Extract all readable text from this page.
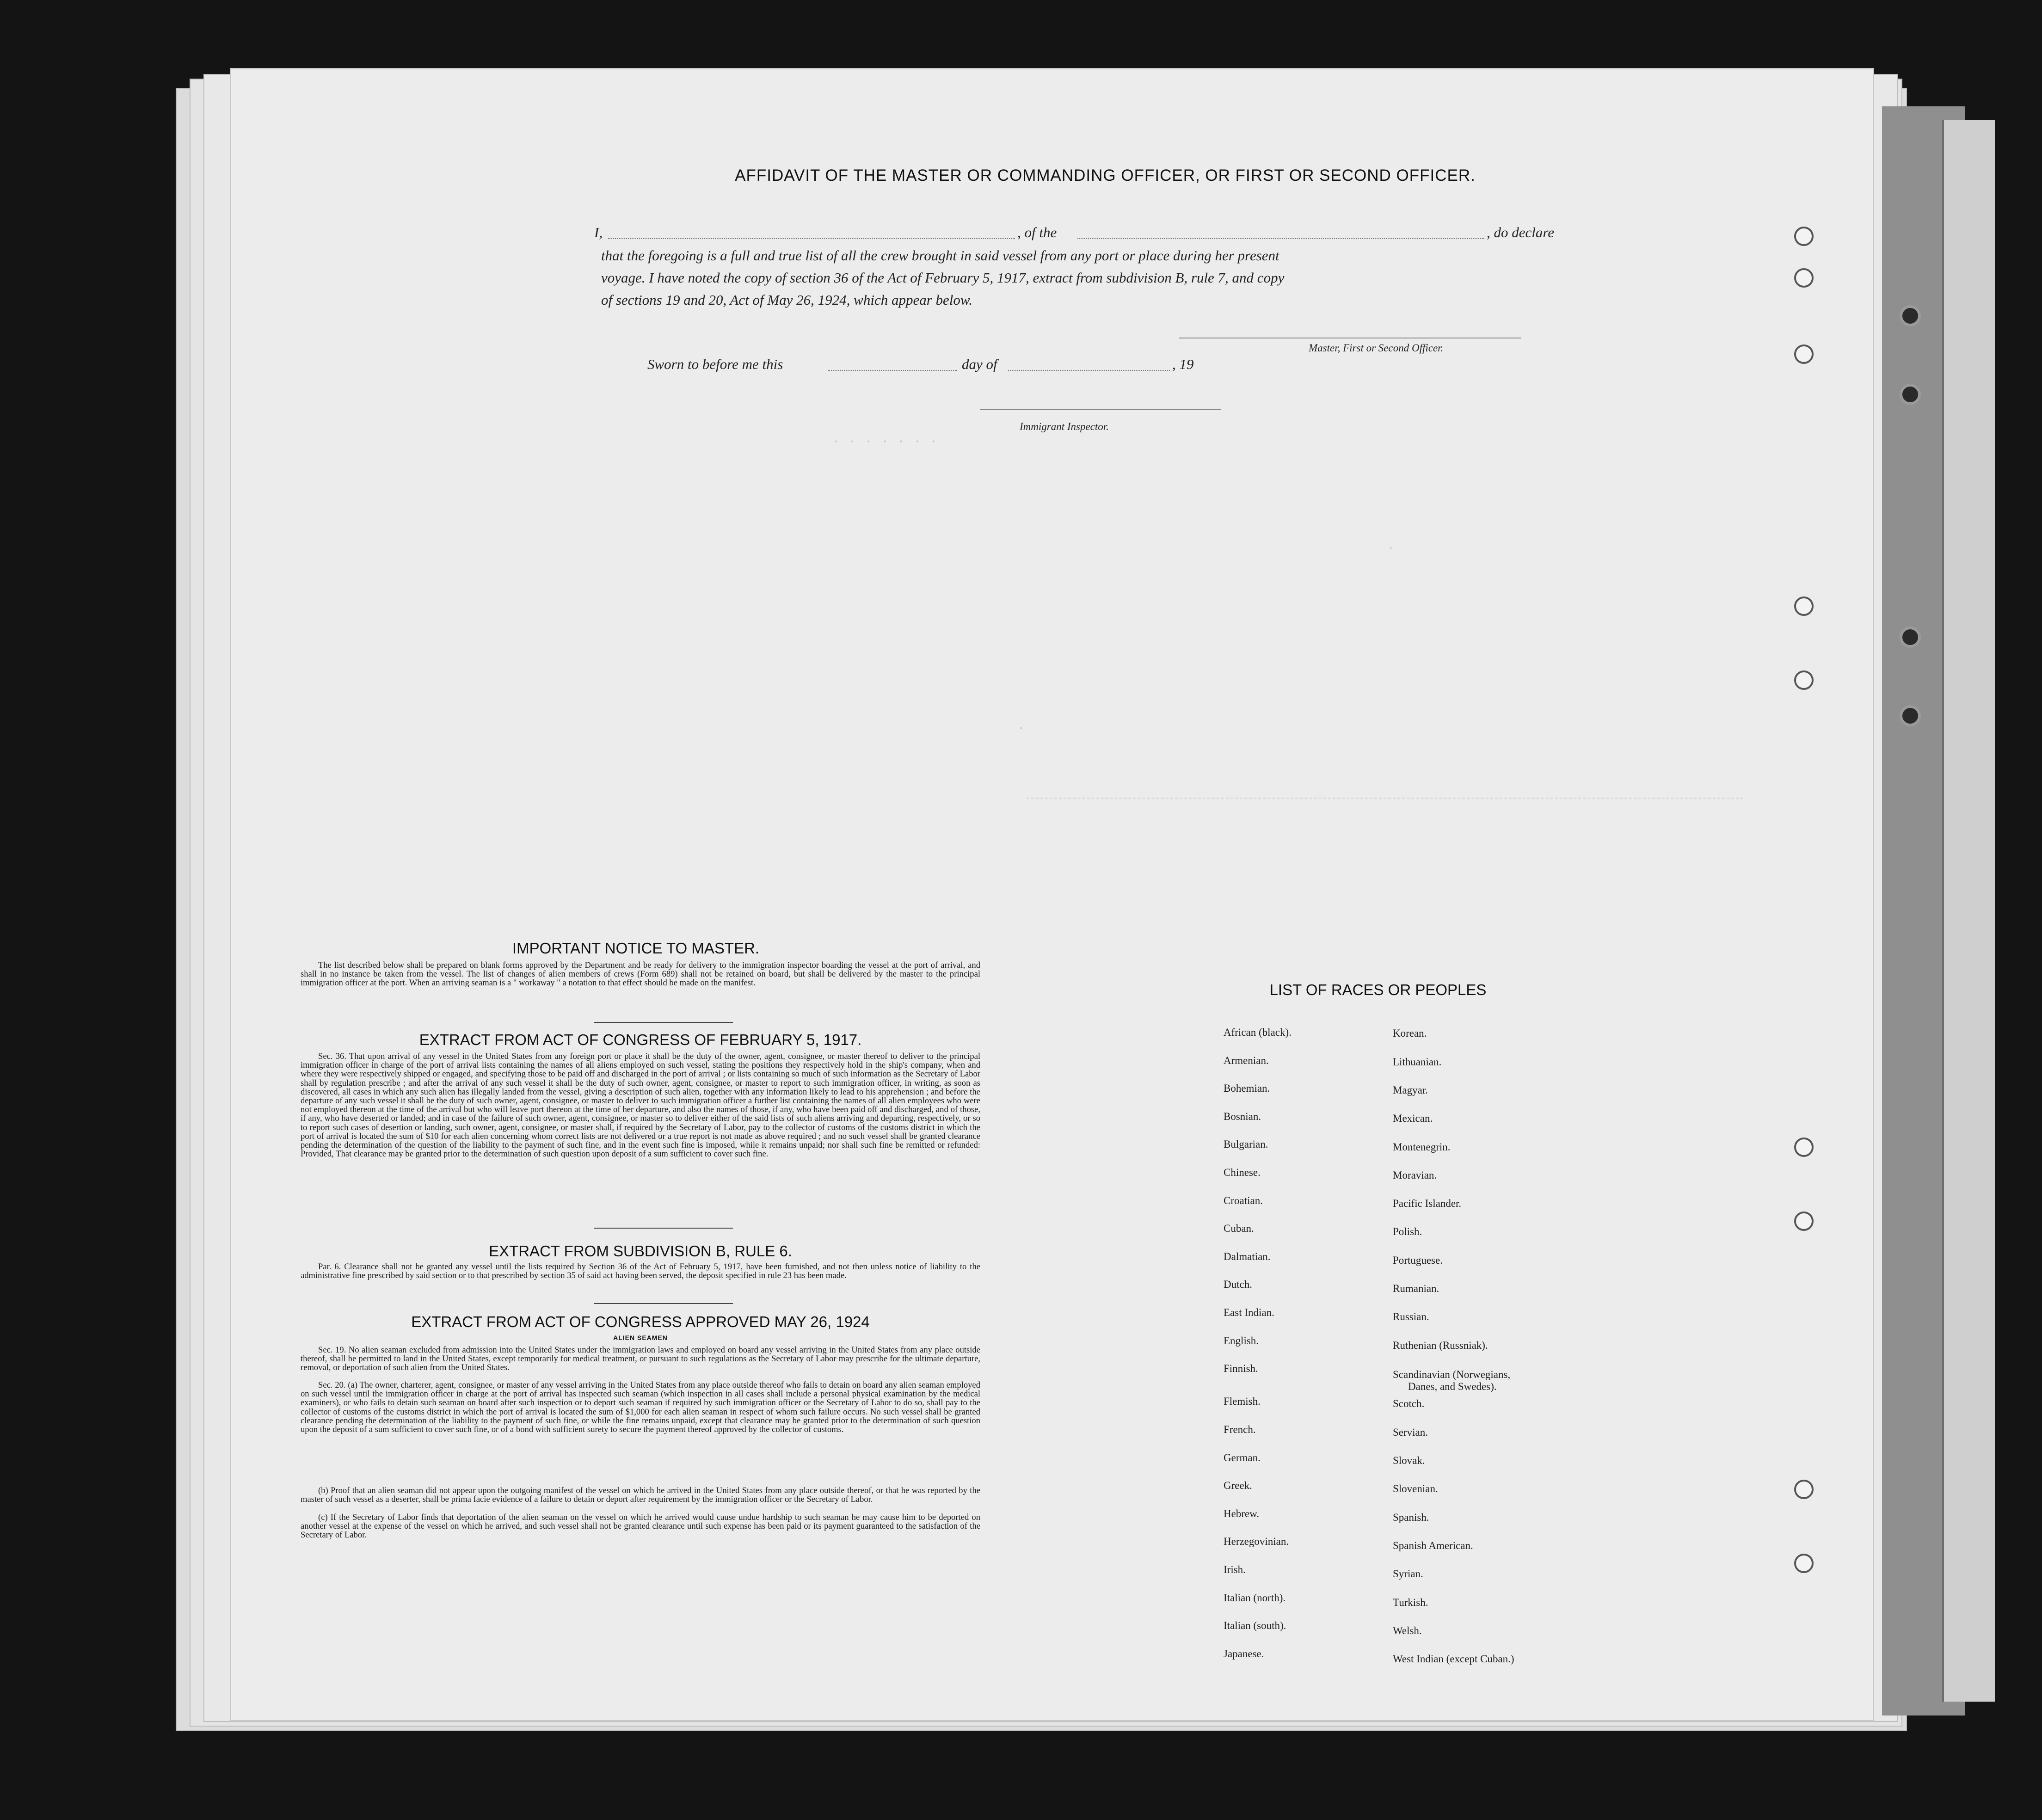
AFFIDAVIT OF THE MASTER OR COMMANDING OFFICER, OR FIRST OR SECOND OFFICER.
I,	, of the	, do declare
that the foregoing is a full and true list of all the crew brought in said vessel from any port or place during her present
voyage. I have noted the copy of section 36 of the Act of February 5, 1917, extract from subdivision B, rule 7, and copy
of sections 19 and 20, Act of May 26, 1924, which appear below.
Master, First or Second Officer.
Sworn to before me this	day of	, 19
Immigrant Inspector.
· · · · · · ·
·
·
IMPORTANT NOTICE TO MASTER.
The list described below shall be prepared on blank forms approved by the Department and be ready for delivery to the immigration inspector boarding the vessel at the port of arrival, and shall in no instance be taken from the vessel. The list of changes of alien members of crews (Form 689) shall not be retained on board, but shall be delivered by the master to the principal immigration officer at the port. When an arriving seaman is a " workaway " a notation to that effect should be made on the manifest.
EXTRACT FROM ACT OF CONGRESS OF FEBRUARY 5, 1917.
Sec. 36. That upon arrival of any vessel in the United States from any foreign port or place it shall be the duty of the owner, agent, consignee, or master thereof to deliver to the principal immigration officer in charge of the port of arrival lists containing the names of all aliens employed on such vessel, stating the positions they respectively hold in the ship's company, when and where they were respectively shipped or engaged, and specifying those to be paid off and discharged in the port of arrival ; or lists containing so much of such information as the Secretary of Labor shall by regulation prescribe ; and after the arrival of any such vessel it shall be the duty of such owner, agent, consignee, or master to report to such immigration officer, in writing, as soon as discovered, all cases in which any such alien has illegally landed from the vessel, giving a description of such alien, together with any information likely to lead to his apprehension ; and before the departure of any such vessel it shall be the duty of such owner, agent, consignee, or master to deliver to such immigration officer a further list containing the names of all alien employees who were not employed thereon at the time of the arrival but who will leave port thereon at the time of her departure, and also the names of those, if any, who have been paid off and discharged, and of those, if any, who have deserted or landed; and in case of the failure of such owner, agent, consignee, or master so to deliver either of the said lists of such aliens arriving and departing, respectively, or so to report such cases of desertion or landing, such owner, agent, consignee, or master shall, if required by the Secretary of Labor, pay to the collector of customs of the customs district in which the port of arrival is located the sum of $10 for each alien concerning whom correct lists are not delivered or a true report is not made as above required ; and no such vessel shall be granted clearance pending the determination of the question of the liability to the payment of such fine, and in the event such fine is imposed, while it remains unpaid; nor shall such fine be remitted or refunded: Provided, That clearance may be granted prior to the determination of such question upon deposit of a sum sufficient to cover such fine.
EXTRACT FROM SUBDIVISION B, RULE 6.
Par. 6. Clearance shall not be granted any vessel until the lists required by Section 36 of the Act of February 5, 1917, have been furnished, and not then unless notice of liability to the administrative fine prescribed by said section or to that prescribed by section 35 of said act having been served, the deposit specified in rule 23 has been made.
EXTRACT FROM ACT OF CONGRESS APPROVED MAY 26, 1924
ALIEN SEAMEN
Sec. 19. No alien seaman excluded from admission into the United States under the immigration laws and employed on board any vessel arriving in the United States from any place outside thereof, shall be permitted to land in the United States, except temporarily for medical treatment, or pursuant to such regulations as the Secretary of Labor may prescribe for the ultimate departure, removal, or deportation of such alien from the United States.
Sec. 20. (a) The owner, charterer, agent, consignee, or master of any vessel arriving in the United States from any place outside thereof who fails to detain on board any alien seaman employed on such vessel until the immigration officer in charge at the port of arrival has inspected such seaman (which inspection in all cases shall include a personal physical examination by the medical examiners), or who fails to detain such seaman on board after such inspection or to deport such seaman if required by such immigration officer or the Secretary of Labor to do so, shall pay to the collector of customs of the customs district in which the port of arrival is located the sum of $1,000 for each alien seaman in respect of whom such failure occurs. No such vessel shall be granted clearance pending the determination of the liability to the payment of such fine, or while the fine remains unpaid, except that clearance may be granted prior to the determination of such question upon the deposit of a sum sufficient to cover such fine, or of a bond with sufficient surety to secure the payment thereof approved by the collector of customs.
(b) Proof that an alien seaman did not appear upon the outgoing manifest of the vessel on which he arrived in the United States from any place outside thereof, or that he was reported by the master of such vessel as a deserter, shall be prima facie evidence of a failure to detain or deport after requirement by the immigration officer or the Secretary of Labor.
(c) If the Secretary of Labor finds that deportation of the alien seaman on the vessel on which he arrived would cause undue hardship to such seaman he may cause him to be deported on another vessel at the expense of the vessel on which he arrived, and such vessel shall not be granted clearance until such expense has been paid or its payment guaranteed to the satisfaction of the Secretary of Labor.
LIST OF RACES OR PEOPLES
African (black).
Armenian.
Bohemian.
Bosnian.
Bulgarian.
Chinese.
Croatian.
Cuban.
Dalmatian.
Dutch.
East Indian.
English.
Finnish.
Flemish.
French.
German.
Greek.
Hebrew.
Herzegovinian.
Irish.
Italian (north).
Italian (south).
Japanese.
Korean.
Lithuanian.
Magyar.
Mexican.
Montenegrin.
Moravian.
Pacific Islander.
Polish.
Portuguese.
Rumanian.
Russian.
Ruthenian (Russniak).
Scandinavian (Norwegians,
Danes, and Swedes).
Scotch.
Servian.
Slovak.
Slovenian.
Spanish.
Spanish American.
Syrian.
Turkish.
Welsh.
West Indian (except Cuban.)
